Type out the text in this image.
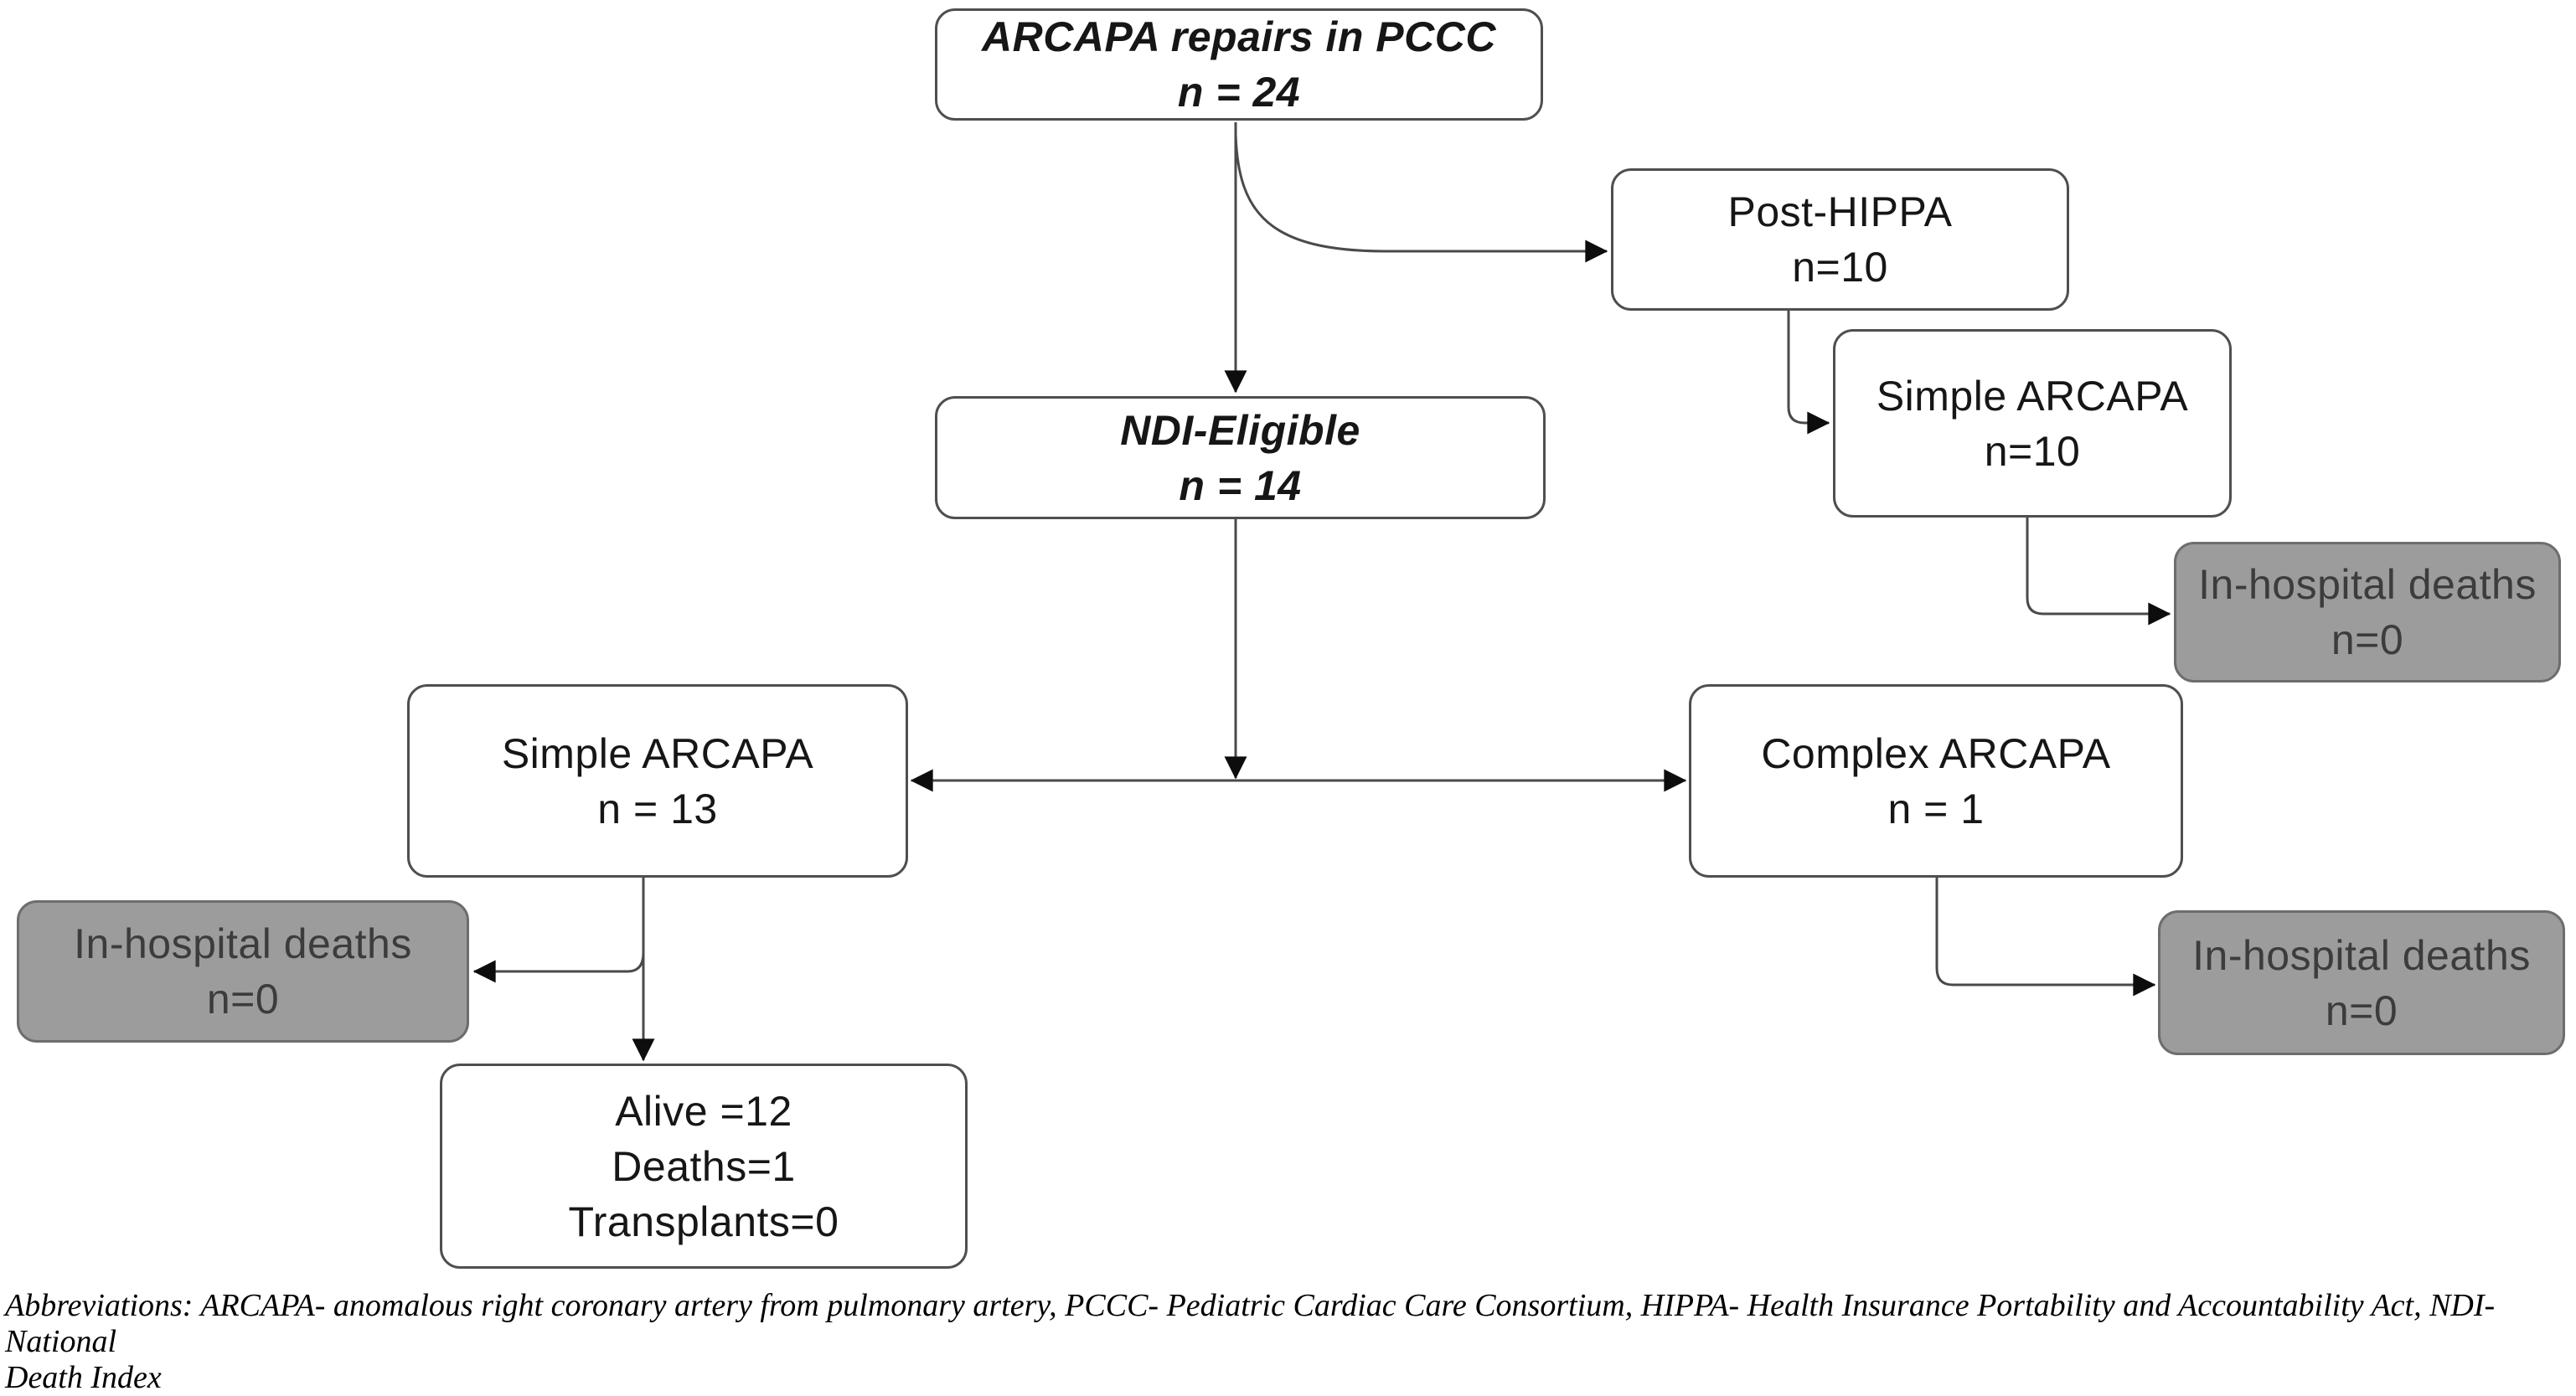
ARCAPA repairs in PCCC
n = 24
Post-HIPPA
n=10
Simple ARCAPA
n=10
In-hospital deaths
n=0
NDI-Eligible
n = 14
Simple ARCAPA
n = 13
Complex ARCAPA
n = 1
In-hospital deaths
n=0
Alive =12
Deaths=1
Transplants=0
In-hospital deaths
n=0
Abbreviations: ARCAPA- anomalous right coronary artery from pulmonary artery, PCCC- Pediatric Cardiac Care Consortium, HIPPA- Health Insurance Portability and Accountability Act, NDI- National
Death Index
